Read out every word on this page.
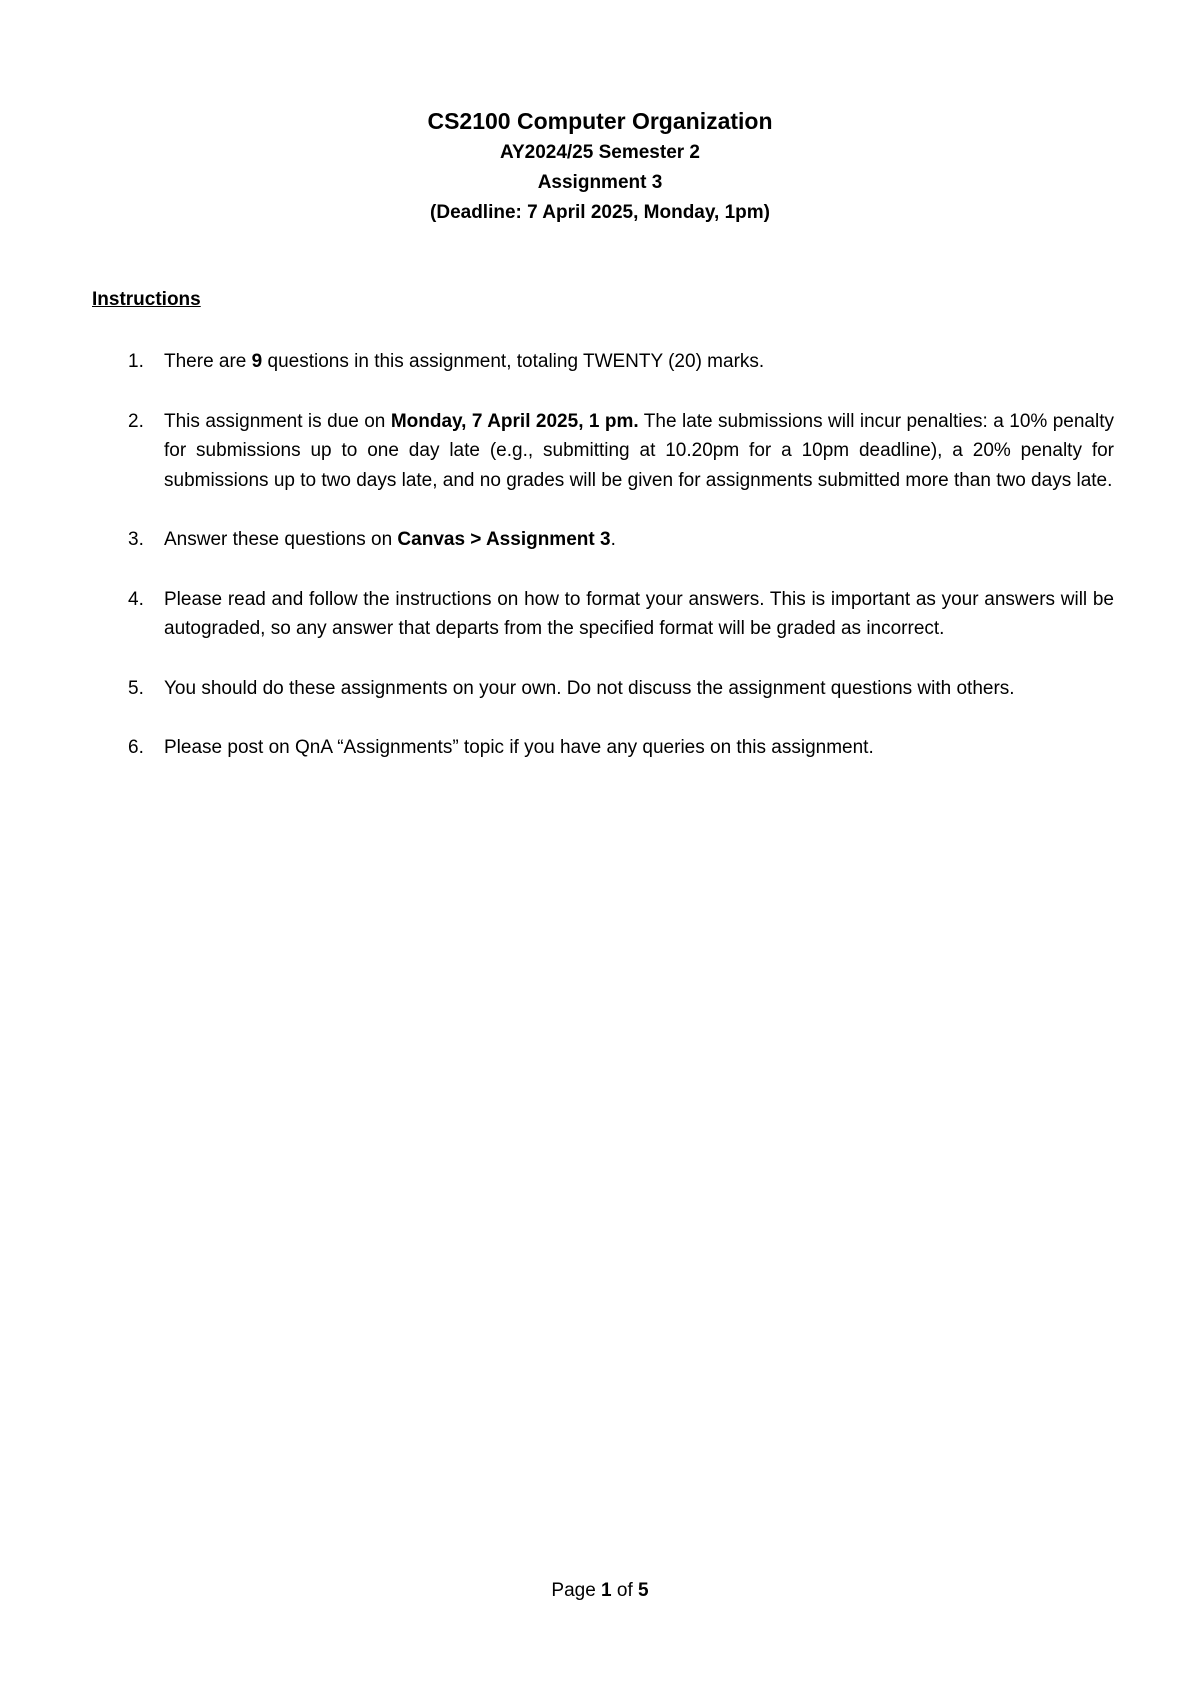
CS2100 Computer Organization
AY2024/25 Semester 2
Assignment 3
(Deadline: 7 April 2025, Monday, 1pm)
Instructions
1. There are 9 questions in this assignment, totaling TWENTY (20) marks.
2. This assignment is due on Monday, 7 April 2025, 1 pm. The late submissions will incur penalties: a 10% penalty for submissions up to one day late (e.g., submitting at 10.20pm for a 10pm deadline), a 20% penalty for submissions up to two days late, and no grades will be given for assignments submitted more than two days late.
3. Answer these questions on Canvas > Assignment 3.
4. Please read and follow the instructions on how to format your answers. This is important as your answers will be autograded, so any answer that departs from the specified format will be graded as incorrect.
5. You should do these assignments on your own. Do not discuss the assignment questions with others.
6. Please post on QnA “Assignments” topic if you have any queries on this assignment.
Page 1 of 5
